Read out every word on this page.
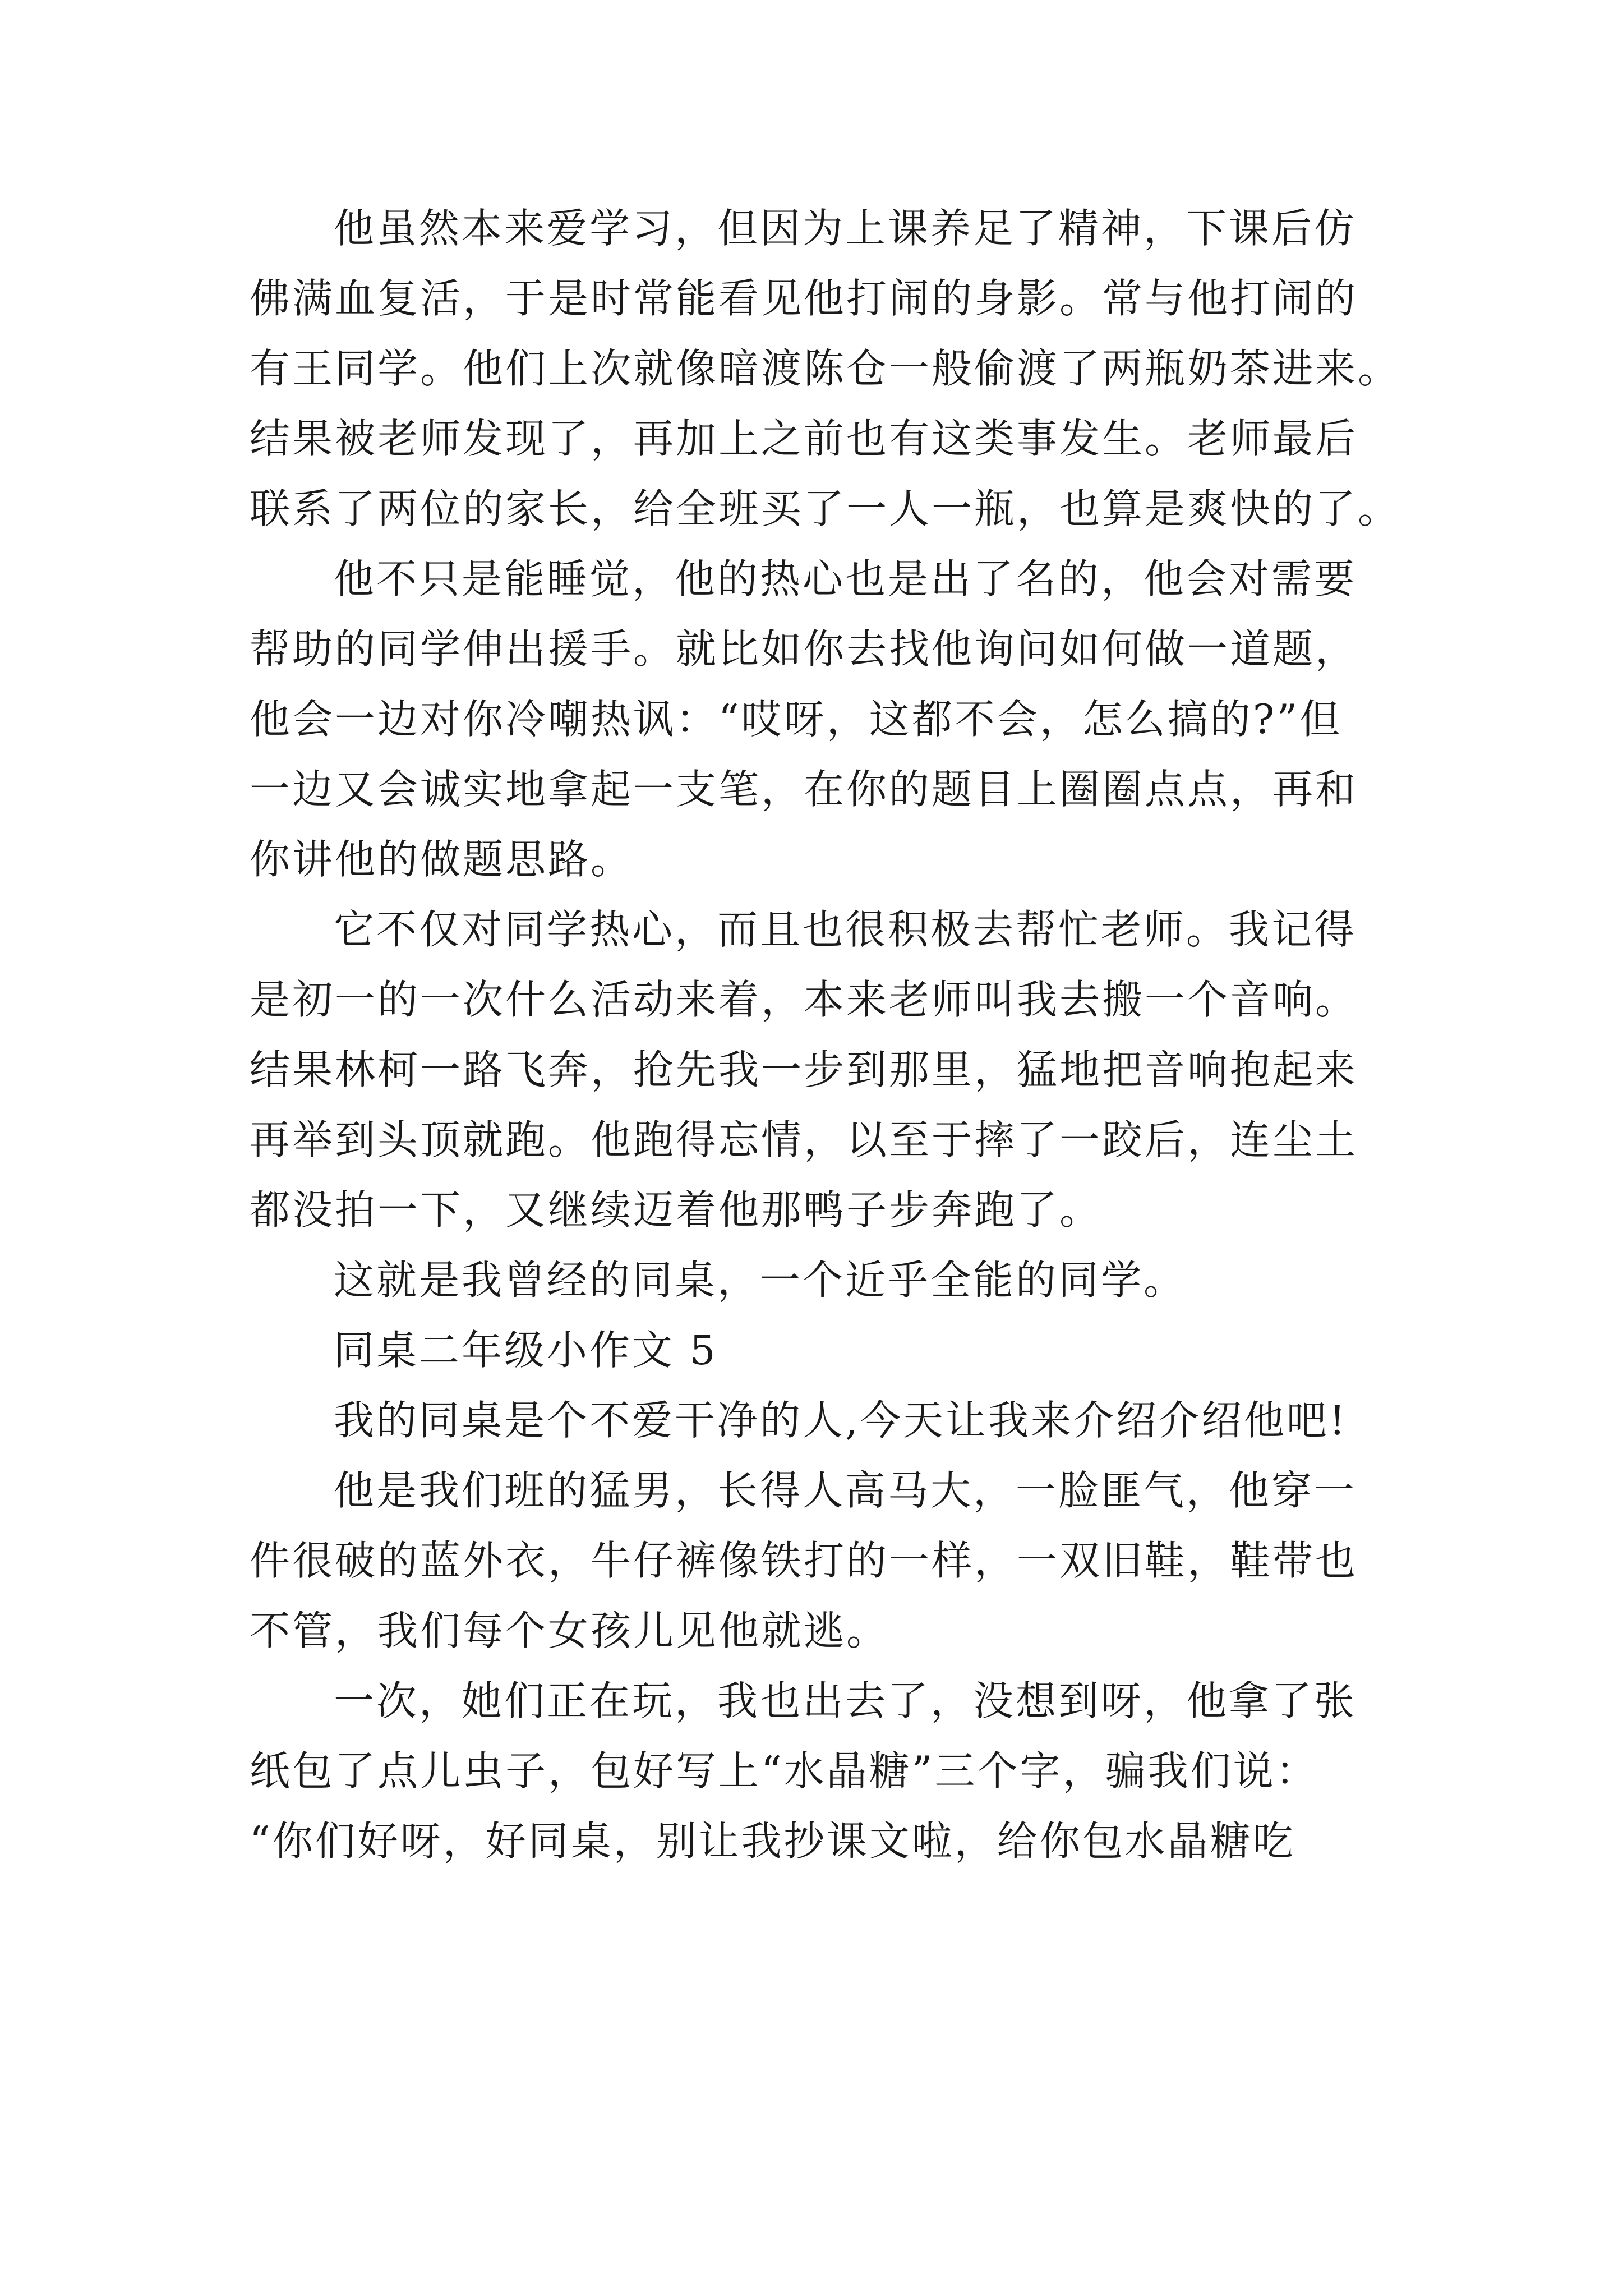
他虽然本来爱学习，但因为上课养足了精神，下课后仿
佛满血复活，于是时常能看见他打闹的身影。常与他打闹的
有王同学。他们上次就像暗渡陈仓一般偷渡了两瓶奶茶进来。
结果被老师发现了，再加上之前也有这类事发生。老师最后
联系了两位的家长，给全班买了一人一瓶，也算是爽快的了。
他不只是能睡觉，他的热心也是出了名的，他会对需要
帮助的同学伸出援手。就比如你去找他询问如何做一道题，
他会一边对你冷嘲热讽：“哎呀，这都不会，怎么搞的?”但
一边又会诚实地拿起一支笔，在你的题目上圈圈点点，再和
你讲他的做题思路。
它不仅对同学热心，而且也很积极去帮忙老师。我记得
是初一的一次什么活动来着，本来老师叫我去搬一个音响。
结果林柯一路飞奔，抢先我一步到那里，猛地把音响抱起来
再举到头顶就跑。他跑得忘情，以至于摔了一跤后，连尘土
都没拍一下，又继续迈着他那鸭子步奔跑了。
这就是我曾经的同桌，一个近乎全能的同学。
同桌二年级小作文 5
我的同桌是个不爱干净的人,今天让我来介绍介绍他吧!
他是我们班的猛男，长得人高马大，一脸匪气，他穿一
件很破的蓝外衣，牛仔裤像铁打的一样，一双旧鞋，鞋带也
不管，我们每个女孩儿见他就逃。
一次，她们正在玩，我也出去了，没想到呀，他拿了张
纸包了点儿虫子，包好写上“水晶糖”三个字，骗我们说：
“你们好呀，好同桌，别让我抄课文啦，给你包水晶糖吃
